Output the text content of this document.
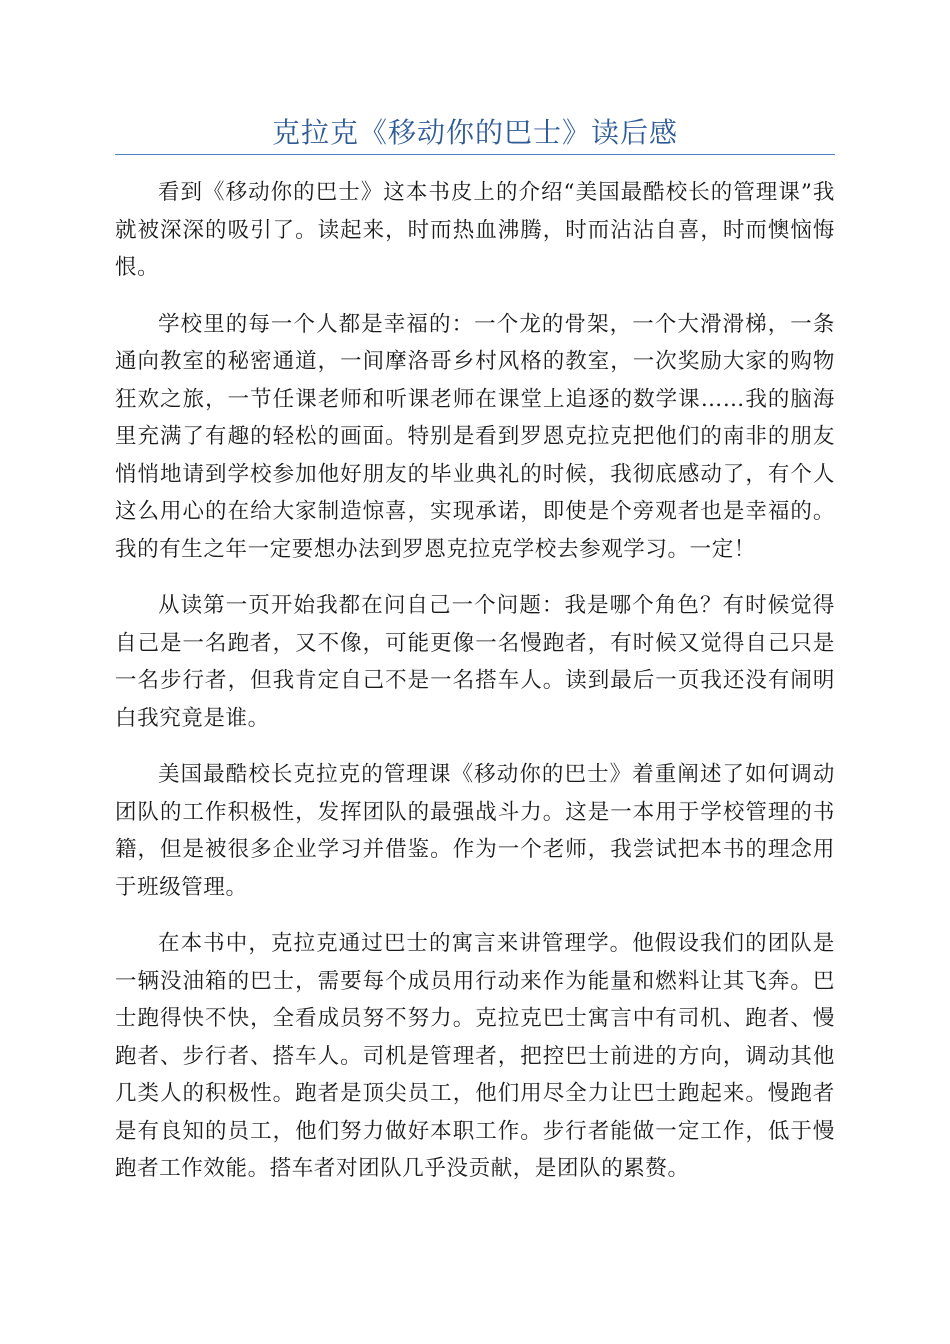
克拉克《移动你的巴士》读后感

看到《移动你的巴士》这本书皮上的介绍“美国最酷校长的管理课”我就被深深的吸引了。读起来，时而热血沸腾，时而沾沾自喜，时而懊恼悔恨。

学校里的每一个人都是幸福的：一个龙的骨架，一个大滑滑梯，一条通向教室的秘密通道，一间摩洛哥乡村风格的教室，一次奖励大家的购物狂欢之旅，一节任课老师和听课老师在课堂上追逐的数学课……我的脑海里充满了有趣的轻松的画面。特别是看到罗恩克拉克把他们的南非的朋友悄悄地请到学校参加他好朋友的毕业典礼的时候，我彻底感动了，有个人这么用心的在给大家制造惊喜，实现承诺，即使是个旁观者也是幸福的。我的有生之年一定要想办法到罗恩克拉克学校去参观学习。一定！

从读第一页开始我都在问自己一个问题：我是哪个角色？有时候觉得自己是一名跑者，又不像，可能更像一名慢跑者，有时候又觉得自己只是一名步行者，但我肯定自己不是一名搭车人。读到最后一页我还没有闹明白我究竟是谁。

美国最酷校长克拉克的管理课《移动你的巴士》着重阐述了如何调动团队的工作积极性，发挥团队的最强战斗力。这是一本用于学校管理的书籍，但是被很多企业学习并借鉴。作为一个老师，我尝试把本书的理念用于班级管理。

在本书中，克拉克通过巴士的寓言来讲管理学。他假设我们的团队是一辆没油箱的巴士，需要每个成员用行动来作为能量和燃料让其飞奔。巴士跑得快不快，全看成员努不努力。克拉克巴士寓言中有司机、跑者、慢跑者、步行者、搭车人。司机是管理者，把控巴士前进的方向，调动其他几类人的积极性。跑者是顶尖员工，他们用尽全力让巴士跑起来。慢跑者是有良知的员工，他们努力做好本职工作。步行者能做一定工作，低于慢跑者工作效能。搭车者对团队几乎没贡献，是团队的累赘。
